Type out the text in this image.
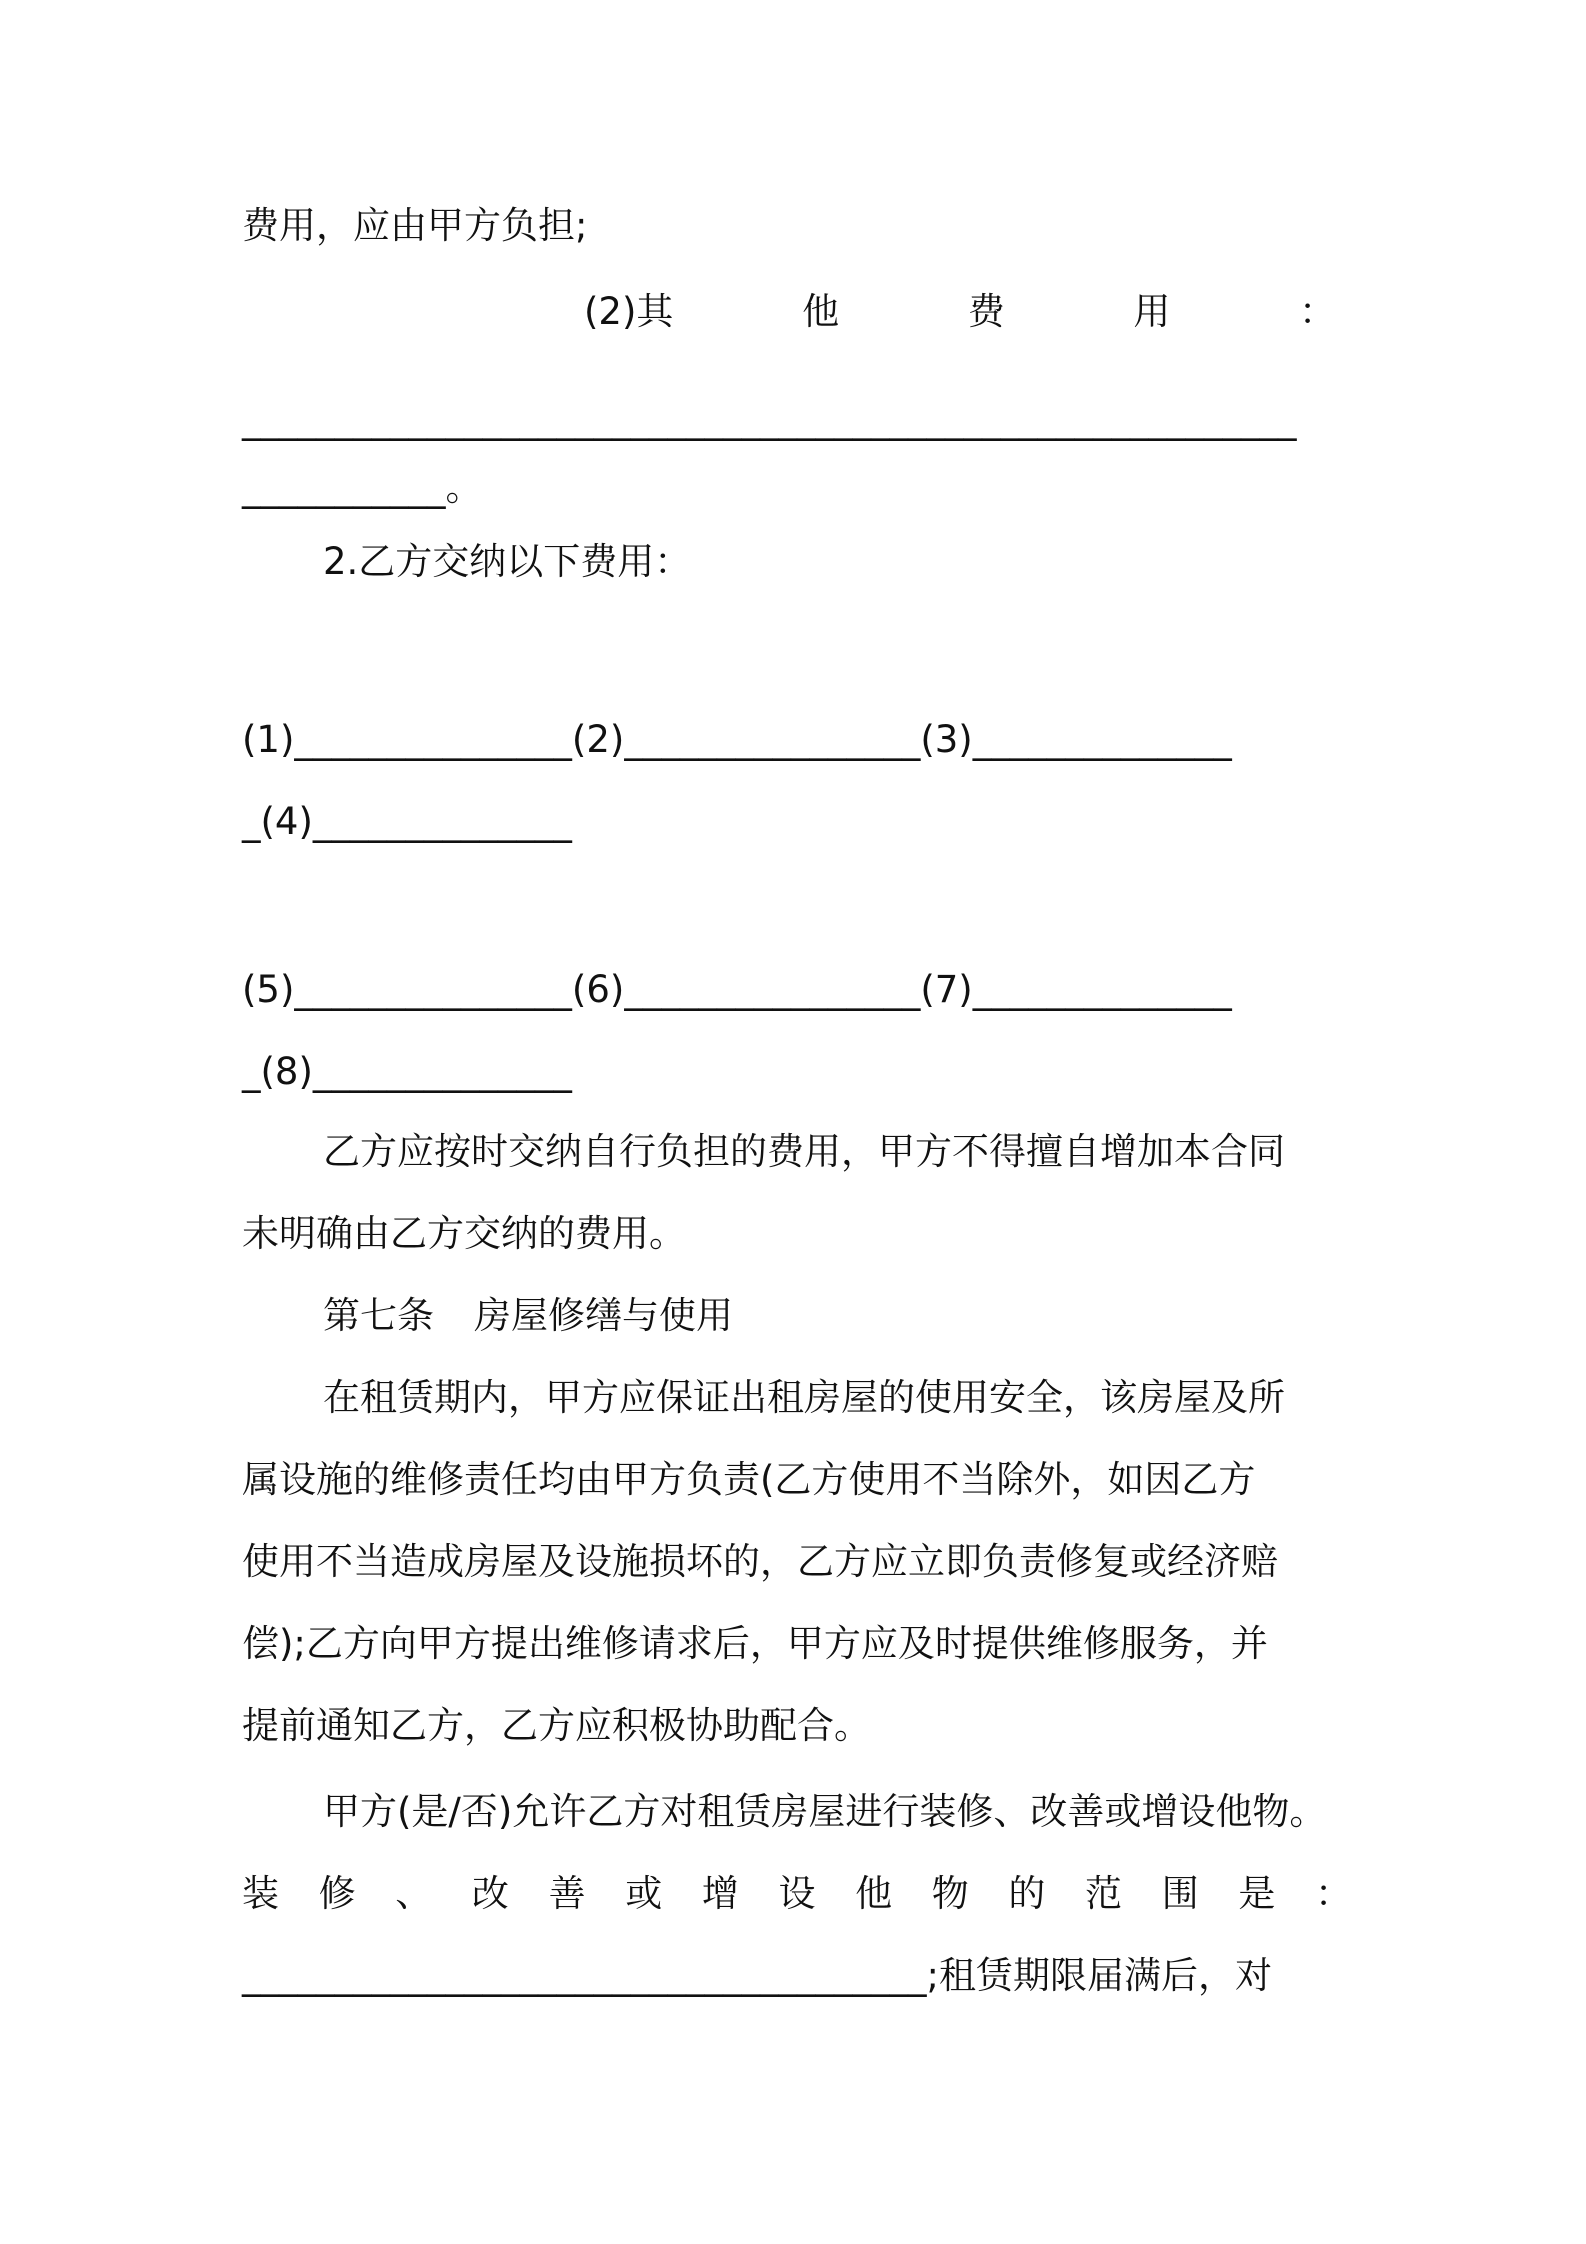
费用，应由甲方负担;

(2)其	他	费	用	：

_________________________________________________________

___________。

2.乙方交纳以下费用：

(1)_______________(2)________________(3)______________

_(4)______________

(5)_______________(6)________________(7)______________

_(8)______________

乙方应按时交纳自行负担的费用，甲方不得擅自增加本合同

未明确由乙方交纳的费用。

第七条 房屋修缮与使用

在租赁期内，甲方应保证出租房屋的使用安全，该房屋及所

属设施的维修责任均由甲方负责(乙方使用不当除外，如因乙方

使用不当造成房屋及设施损坏的，乙方应立即负责修复或经济赔

偿);乙方向甲方提出维修请求后，甲方应及时提供维修服务，并

提前通知乙方，乙方应积极协助配合。

甲方(是/否)允许乙方对租赁房屋进行装修、改善或增设他物。

装 修 、 改 善 或 增 设 他 物 的 范 围 是 ：

_____________________________________;租赁期限届满后，对
